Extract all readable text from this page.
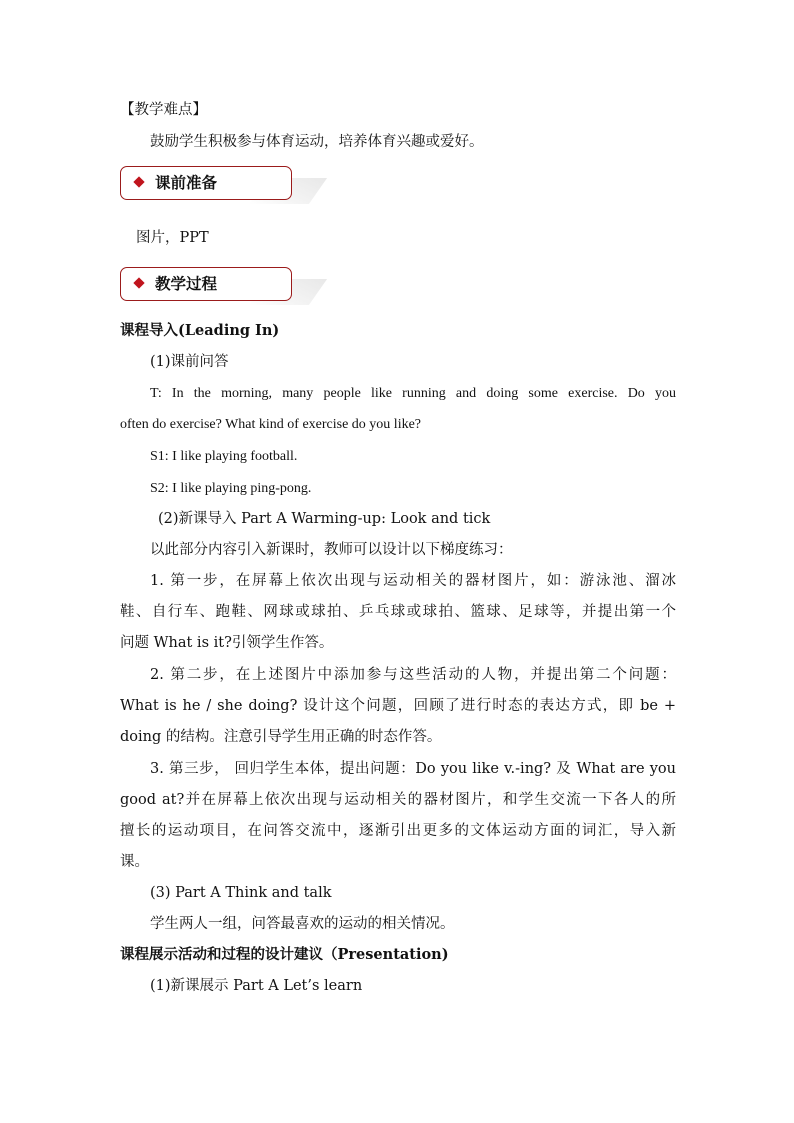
【教学难点】
鼓励学生积极参与体育运动，培养体育兴趣或爱好。
课前准备
图片，PPT
教学过程
课程导入(Leading In)
(1)课前问答
T: In the morning, many people like running and doing some exercise. Do you
often do exercise? What kind of exercise do you like?
S1: I like playing football.
S2: I like playing ping-pong.
(2)新课导入 Part A Warming-up: Look and tick
以此部分内容引入新课时，教师可以设计以下梯度练习：
1. 第一步，在屏幕上依次出现与运动相关的器材图片，如：游泳池、溜冰
鞋、自行车、跑鞋、网球或球拍、乒乓球或球拍、篮球、足球等，并提出第一个
问题 What is it?引领学生作答。
2. 第二步，在上述图片中添加参与这些活动的人物，并提出第二个问题：
What is he / she doing? 设计这个问题，回顾了进行时态的表达方式，即 be +
doing 的结构。注意引导学生用正确的时态作答。
3. 第三步， 回归学生本体，提出问题：Do you like v.-ing? 及 What are you
good at?并在屏幕上依次出现与运动相关的器材图片，和学生交流一下各人的所
擅长的运动项目，在问答交流中，逐渐引出更多的文体运动方面的词汇，导入新
课。
(3) Part A Think and talk
学生两人一组，问答最喜欢的运动的相关情况。
课程展示活动和过程的设计建议（Presentation)
(1)新课展示 Part A Let’s learn
